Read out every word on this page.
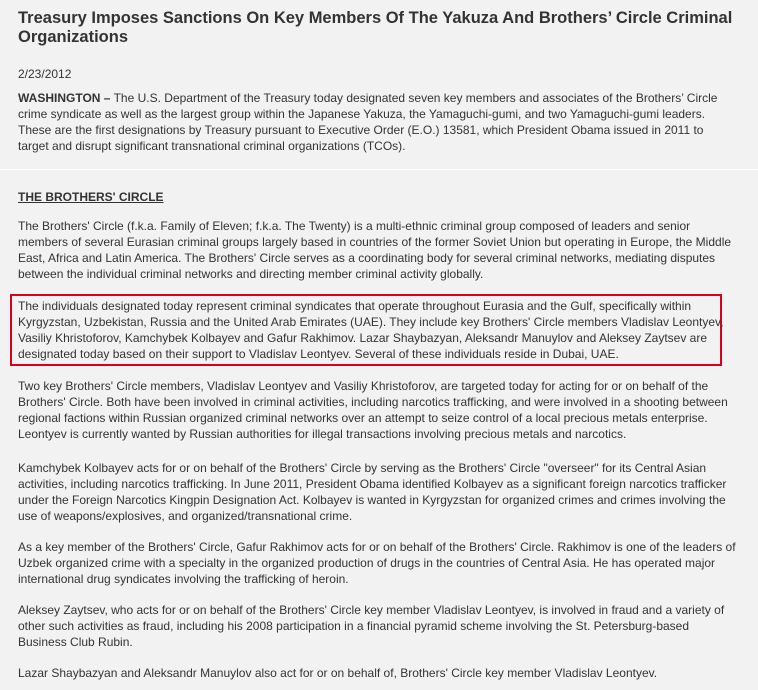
Treasury Imposes Sanctions On Key Members Of The Yakuza And Brothers’ Circle Criminal Organizations
2/23/2012

WASHINGTON – The U.S. Department of the Treasury today designated seven key members and associates of the Brothers’ Circle crime syndicate as well as the largest group within the Japanese Yakuza, the Yamaguchi-gumi, and two Yamaguchi-gumi leaders. These are the first designations by Treasury pursuant to Executive Order (E.O.) 13581, which President Obama issued in 2011 to target and disrupt significant transnational criminal organizations (TCOs).

THE BROTHERS' CIRCLE

The Brothers' Circle (f.k.a. Family of Eleven; f.k.a. The Twenty) is a multi-ethnic criminal group composed of leaders and senior members of several Eurasian criminal groups largely based in countries of the former Soviet Union but operating in Europe, the Middle East, Africa and Latin America. The Brothers' Circle serves as a coordinating body for several criminal networks, mediating disputes between the individual criminal networks and directing member criminal activity globally.

The individuals designated today represent criminal syndicates that operate throughout Eurasia and the Gulf, specifically within Kyrgyzstan, Uzbekistan, Russia and the United Arab Emirates (UAE). They include key Brothers' Circle members Vladislav Leontyev, Vasiliy Khristoforov, Kamchybek Kolbayev and Gafur Rakhimov. Lazar Shaybazyan, Aleksandr Manuylov and Aleksey Zaytsev are designated today based on their support to Vladislav Leontyev. Several of these individuals reside in Dubai, UAE.

Two key Brothers' Circle members, Vladislav Leontyev and Vasiliy Khristoforov, are targeted today for acting for or on behalf of the Brothers' Circle. Both have been involved in criminal activities, including narcotics trafficking, and were involved in a shooting between regional factions within Russian organized criminal networks over an attempt to seize control of a local precious metals enterprise. Leontyev is currently wanted by Russian authorities for illegal transactions involving precious metals and narcotics.

Kamchybek Kolbayev acts for or on behalf of the Brothers' Circle by serving as the Brothers' Circle "overseer" for its Central Asian activities, including narcotics trafficking. In June 2011, President Obama identified Kolbayev as a significant foreign narcotics trafficker under the Foreign Narcotics Kingpin Designation Act. Kolbayev is wanted in Kyrgyzstan for organized crimes and crimes involving the use of weapons/explosives, and organized/transnational crime.

As a key member of the Brothers' Circle, Gafur Rakhimov acts for or on behalf of the Brothers' Circle. Rakhimov is one of the leaders of Uzbek organized crime with a specialty in the organized production of drugs in the countries of Central Asia. He has operated major international drug syndicates involving the trafficking of heroin.

Aleksey Zaytsev, who acts for or on behalf of the Brothers' Circle key member Vladislav Leontyev, is involved in fraud and a variety of other such activities as fraud, including his 2008 participation in a financial pyramid scheme involving the St. Petersburg-based Business Club Rubin.

Lazar Shaybazyan and Aleksandr Manuylov also act for or on behalf of, Brothers' Circle key member Vladislav Leontyev.
